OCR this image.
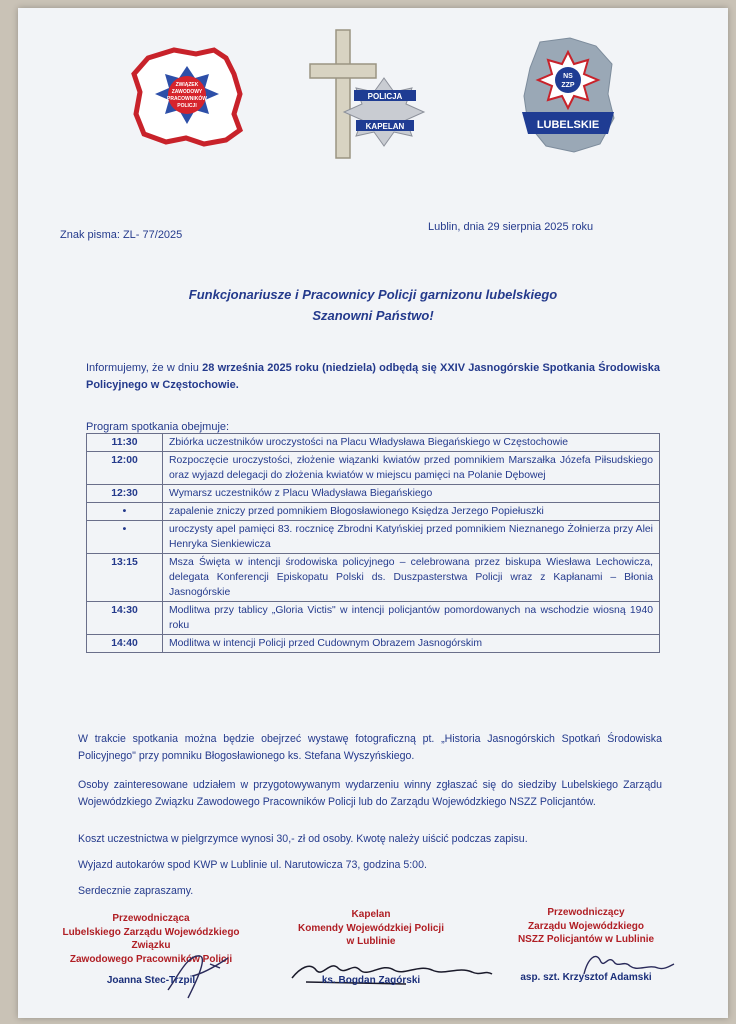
ZWIĄZEK
ZAWODOWY
PRACOWNIKÓW
POLICJI
POLICJA
KAPELAN
NS
ZZP
LUBELSKIE
Znak pisma: ZL- 77/2025
Lublin, dnia 29 sierpnia 2025 roku
Funkcjonariusze i Pracownicy Policji garnizonu lubelskiego
Szanowni Państwo!
Informujemy, że w dniu 28 września 2025 roku (niedziela) odbędą się XXIV Jasnogórskie Spotkania Środowiska Policyjnego w Częstochowie.
Program spotkania obejmuje:
11:30	Zbiórka uczestników uroczystości na Placu Władysława Biegańskiego w Częstochowie
12:00	Rozpoczęcie uroczystości, złożenie wiązanki kwiatów przed pomnikiem Marszałka Józefa Piłsudskiego oraz wyjazd delegacji do złożenia kwiatów w miejscu pamięci na Polanie Dębowej
12:30	Wymarsz uczestników z Placu Władysława Biegańskiego
•	zapalenie zniczy przed pomnikiem Błogosławionego Księdza Jerzego Popiełuszki
•	uroczysty apel pamięci 83. rocznicę Zbrodni Katyńskiej przed pomnikiem Nieznanego Żołnierza przy Alei Henryka Sienkiewicza
13:15	Msza Święta w intencji środowiska policyjnego – celebrowana przez biskupa Wiesława Lechowicza, delegata Konferencji Episkopatu Polski ds. Duszpasterstwa Policji wraz z Kapłanami – Błonia Jasnogórskie
14:30	Modlitwa przy tablicy „Gloria Victis" w intencji policjantów pomordowanych na wschodzie wiosną 1940 roku
14:40	Modlitwa w intencji Policji przed Cudownym Obrazem Jasnogórskim
W trakcie spotkania można będzie obejrzeć wystawę fotograficzną pt. „Historia Jasnogórskich Spotkań Środowiska Policyjnego" przy pomniku Błogosławionego ks. Stefana Wyszyńskiego.
Osoby zainteresowane udziałem w przygotowywanym wydarzeniu winny zgłaszać się do siedziby Lubelskiego Zarządu Wojewódzkiego Związku Zawodowego Pracowników Policji lub do Zarządu Wojewódzkiego NSZZ Policjantów.
Koszt uczestnictwa w pielgrzymce wynosi 30,- zł od osoby. Kwotę należy uiścić podczas zapisu.
Wyjazd autokarów spod KWP w Lublinie ul. Narutowicza 73, godzina 5:00.
Serdecznie zapraszamy.
Przewodnicząca
Lubelskiego Zarządu Wojewódzkiego Związku
Zawodowego Pracowników Policji
Joanna Stec-Trzpil
Kapelan
Komendy Wojewódzkiej Policji
w Lublinie
ks. Bogdan Zagórski
Przewodniczący
Zarządu Wojewódzkiego
NSZZ Policjantów w Lublinie
asp. szt. Krzysztof Adamski
